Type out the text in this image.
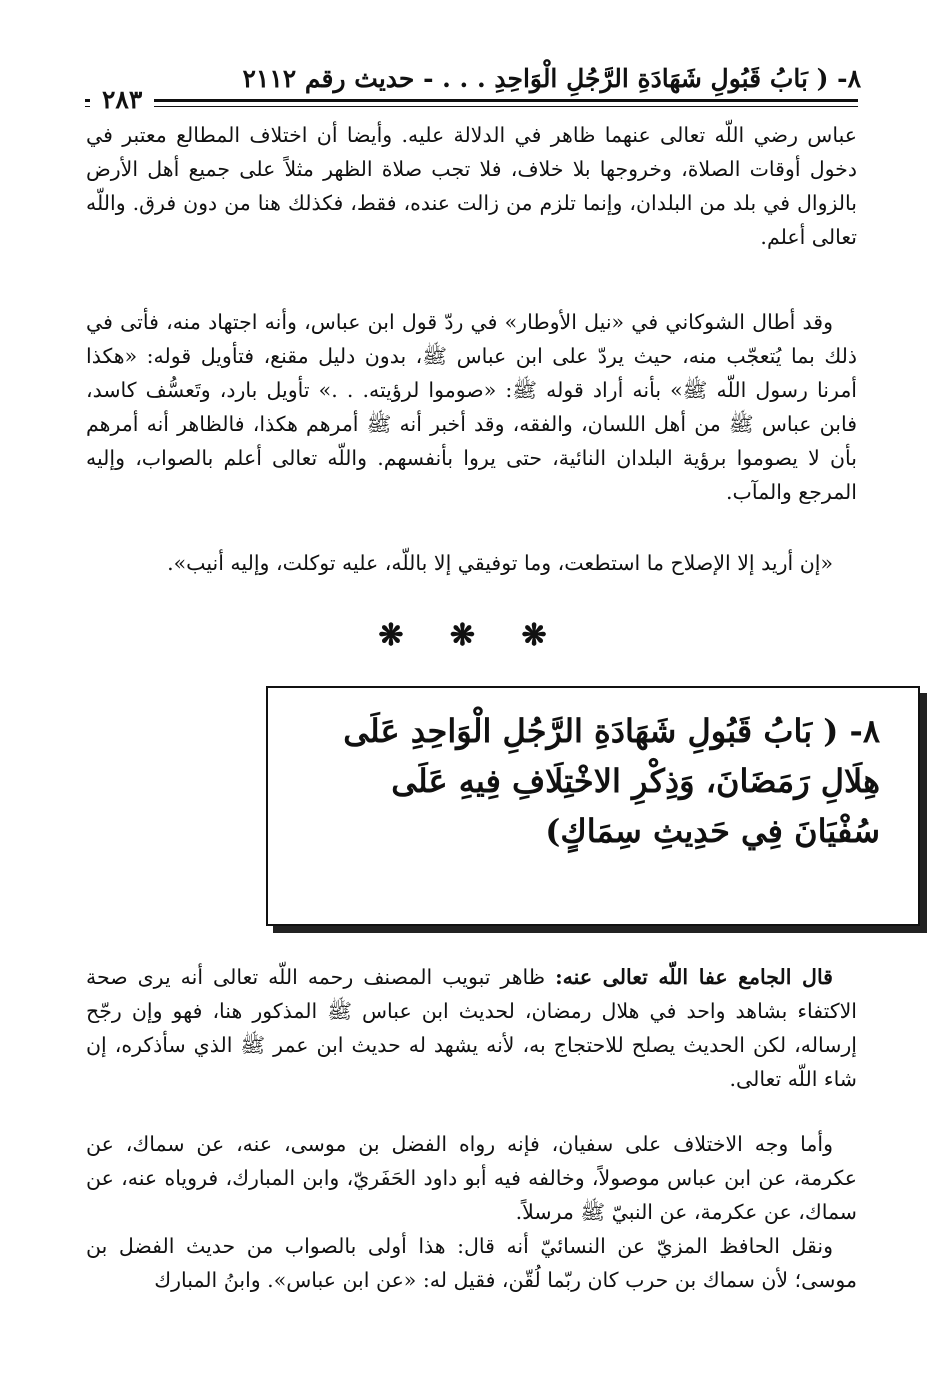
٨- ( بَابُ قَبُولِ شَهَادَةِ الرَّجُلِ الْوَاحِدِ . . . - حديث رقم ٢١١٢
٢٨٣

عباس رضي اللّه تعالى عنهما ظاهر في الدلالة عليه. وأيضا أن اختلاف المطالع معتبر في دخول أوقات الصلاة، وخروجها بلا خلاف، فلا تجب صلاة الظهر مثلاً على جميع أهل الأرض بالزوال في بلد من البلدان، وإنما تلزم من زالت عنده، فقط، فكذلك هنا من دون فرق. واللّه تعالى أعلم.

وقد أطال الشوكاني في «نيل الأوطار» في ردّ قول ابن عباس، وأنه اجتهاد منه، فأتى في ذلك بما يُتعجّب منه، حيث يردّ على ابن عباس ﷺ، بدون دليل مقنع، فتأويل قوله: «هكذا أمرنا رسول اللّه ﷺ» بأنه أراد قوله ﷺ: «صوموا لرؤيته. . .» تأويل بارد، وتَعسُّف كاسد، فابن عباس ﷺ من أهل اللسان، والفقه، وقد أخبر أنه ﷺ أمرهم هكذا، فالظاهر أنه أمرهم بأن لا يصوموا برؤية البلدان النائية، حتى يروا بأنفسهم. واللّه تعالى أعلم بالصواب، وإليه المرجع والمآب.

«إن أريد إلا الإصلاح ما استطعت، وما توفيقي إلا باللّه، عليه توكلت، وإليه أنيب».

❋ ❋ ❋
٨- ( بَابُ قَبُولِ شَهَادَةِ الرَّجُلِ الْوَاحِدِ عَلَى هِلَالِ رَمَضَانَ، وَذِكْرِ الاخْتِلَافِ فِيهِ عَلَى سُفْيَانَ فِي حَدِيثِ سِمَاكٍ)

قال الجامع عفا اللّه تعالى عنه: ظاهر تبويب المصنف رحمه اللّه تعالى أنه يرى صحة الاكتفاء بشاهد واحد في هلال رمضان، لحديث ابن عباس ﷺ المذكور هنا، فهو وإن رجّح إرساله، لكن الحديث يصلح للاحتجاج به، لأنه يشهد له حديث ابن عمر ﷺ الذي سأذكره، إن شاء اللّه تعالى.

وأما وجه الاختلاف على سفيان، فإنه رواه الفضل بن موسى، عنه، عن سماك، عن عكرمة، عن ابن عباس موصولاً، وخالفه فيه أبو داود الحَفَريّ، وابن المبارك، فروياه عنه، عن سماك، عن عكرمة، عن النبيّ ﷺ مرسلاً.

ونقل الحافظ المزيّ عن النسائيّ أنه قال: هذا أولى بالصواب من حديث الفضل بن موسى؛ لأن سماك بن حرب كان ربّما لُقّن، فقيل له: «عن ابن عباس». وابنُ المبارك
